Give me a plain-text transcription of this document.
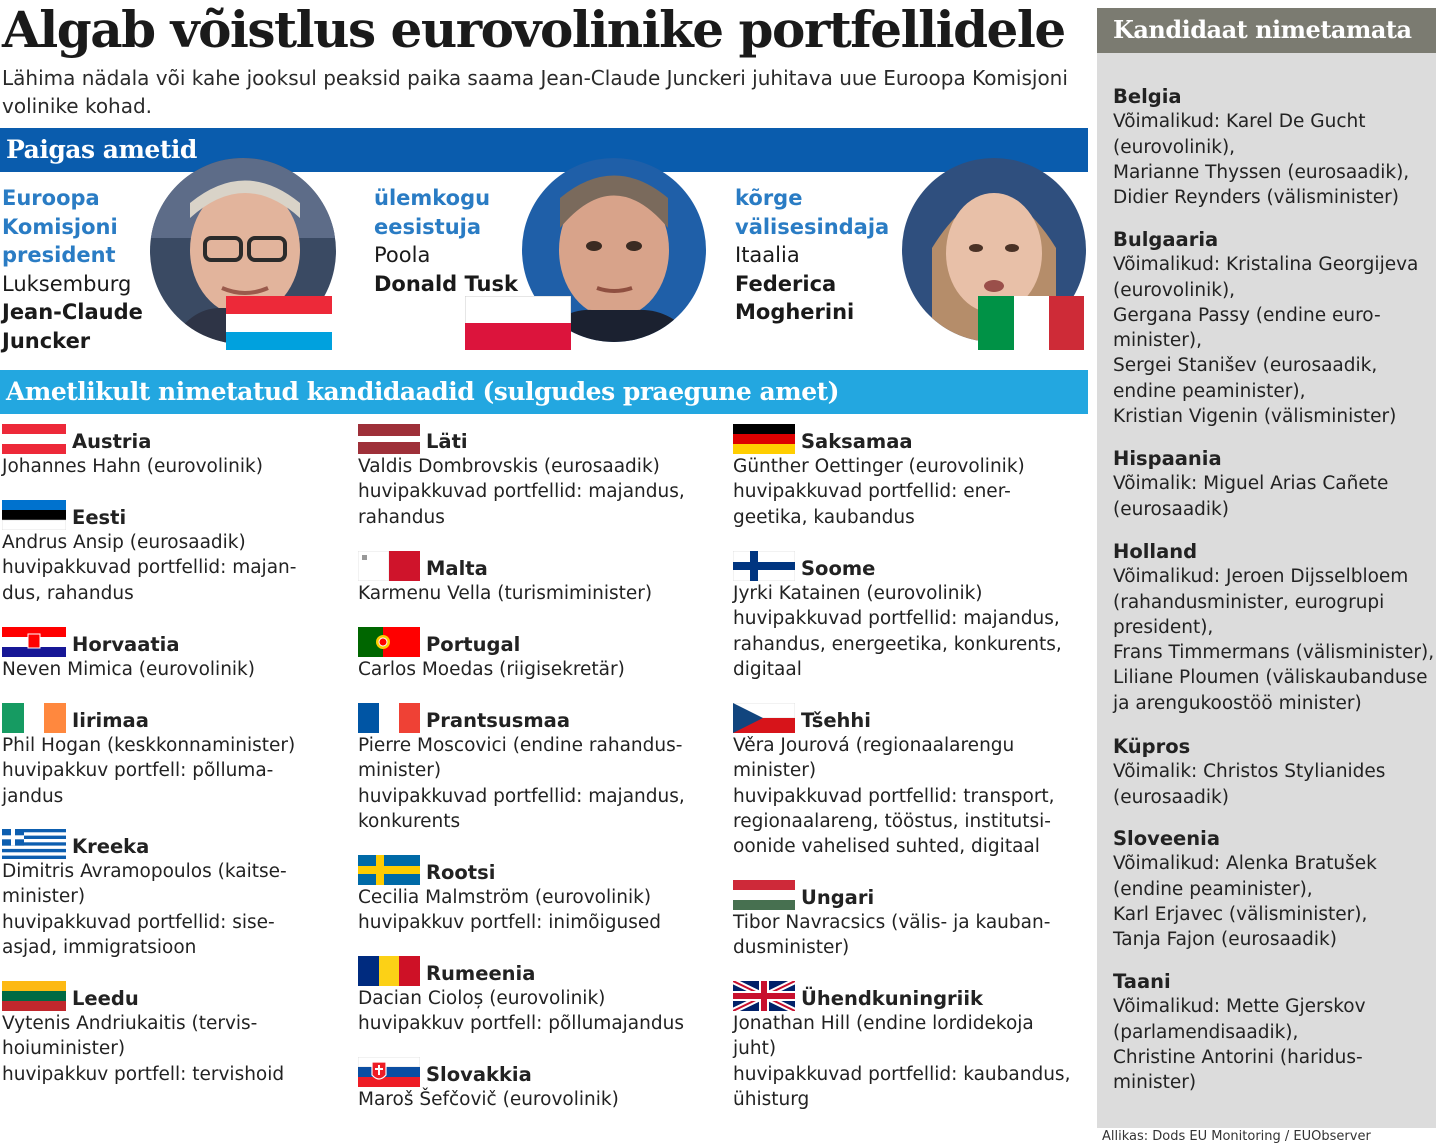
Algab võistlus eurovolinike portfellidele
Lähima nädala või kahe jooksul peaksid paika saama Jean-Claude Junckeri juhitava uue Euroopa Komisjoni volinike kohad.
Paigas ametid
Euroopa
Komisjoni
president
Luksemburg
Jean-Claude
Juncker
ülemkogu
eesistuja
Poola
Donald Tusk
kõrge
välisesindaja
Itaalia
Federica
Mogherini
Ametlikult nimetatud kandidaadid (sulgudes praegune amet)
Austria
Johannes Hahn (eurovolinik)
Eesti
Andrus Ansip (eurosaadik)
huvipakkuvad portfellid: majan-
dus, rahandus
Horvaatia
Neven Mimica (eurovolinik)
Iirimaa
Phil Hogan (keskkonnaminister)
huvipakkuv portfell: põlluma-
jandus
Kreeka
Dimitris Avramopoulos (kaitse-
minister)
huvipakkuvad portfellid: sise-
asjad, immigratsioon
Leedu
Vytenis Andriukaitis (tervis-
hoiuminister)
huvipakkuv portfell: tervishoid
Läti
Valdis Dombrovskis (eurosaadik)
huvipakkuvad portfellid: majandus,
rahandus
Malta
Karmenu Vella (turismiminister)
Portugal
Carlos Moedas (riigisekretär)
Prantsusmaa
Pierre Moscovici (endine rahandus-
minister)
huvipakkuvad portfellid: majandus,
konkurents
Rootsi
Cecilia Malmström (eurovolinik)
huvipakkuv portfell: inimõigused
Rumeenia
Dacian Cioloș (eurovolinik)
huvipakkuv portfell: põllumajandus
Slovakkia
Maroš Šefčovič (eurovolinik)
Saksamaa
Günther Oettinger (eurovolinik)
huvipakkuvad portfellid: ener-
geetika, kaubandus
Soome
Jyrki Katainen (eurovolinik)
huvipakkuvad portfellid: majandus,
rahandus, energeetika, konkurents,
digitaal
Tšehhi
Věra Jourová (regionaalarengu
minister)
huvipakkuvad portfellid: transport,
regionaalareng, tööstus, institutsi-
oonide vahelised suhted, digitaal
Ungari
Tibor Navracsics (välis- ja kauban-
dusminister)
Ühendkuningriik
Jonathan Hill (endine lordidekoja
juht)
huvipakkuvad portfellid: kaubandus,
ühisturg
Kandidaat nimetamata
Belgia
Võimalikud: Karel De Gucht
(eurovolinik),
Marianne Thyssen (eurosaadik),
Didier Reynders (välisminister)
Bulgaaria
Võimalikud: Kristalina Georgijeva
(eurovolinik),
Gergana Passy (endine euro-
minister),
Sergei Stanišev (eurosaadik,
endine peaminister),
Kristian Vigenin (välisminister)
Hispaania
Võimalik: Miguel Arias Cañete
(eurosaadik)
Holland
Võimalikud: Jeroen Dijsselbloem
(rahandusminister, eurogrupi
president),
Frans Timmermans (välisminister),
Liliane Ploumen (väliskaubanduse
ja arengukoostöö minister)
Küpros
Võimalik: Christos Stylianides
(eurosaadik)
Sloveenia
Võimalikud: Alenka Bratušek
(endine peaminister),
Karl Erjavec (välisminister),
Tanja Fajon (eurosaadik)
Taani
Võimalikud: Mette Gjerskov
(parlamendisaadik),
Christine Antorini (haridus-
minister)
Allikas: Dods EU Monitoring / EUObserver
